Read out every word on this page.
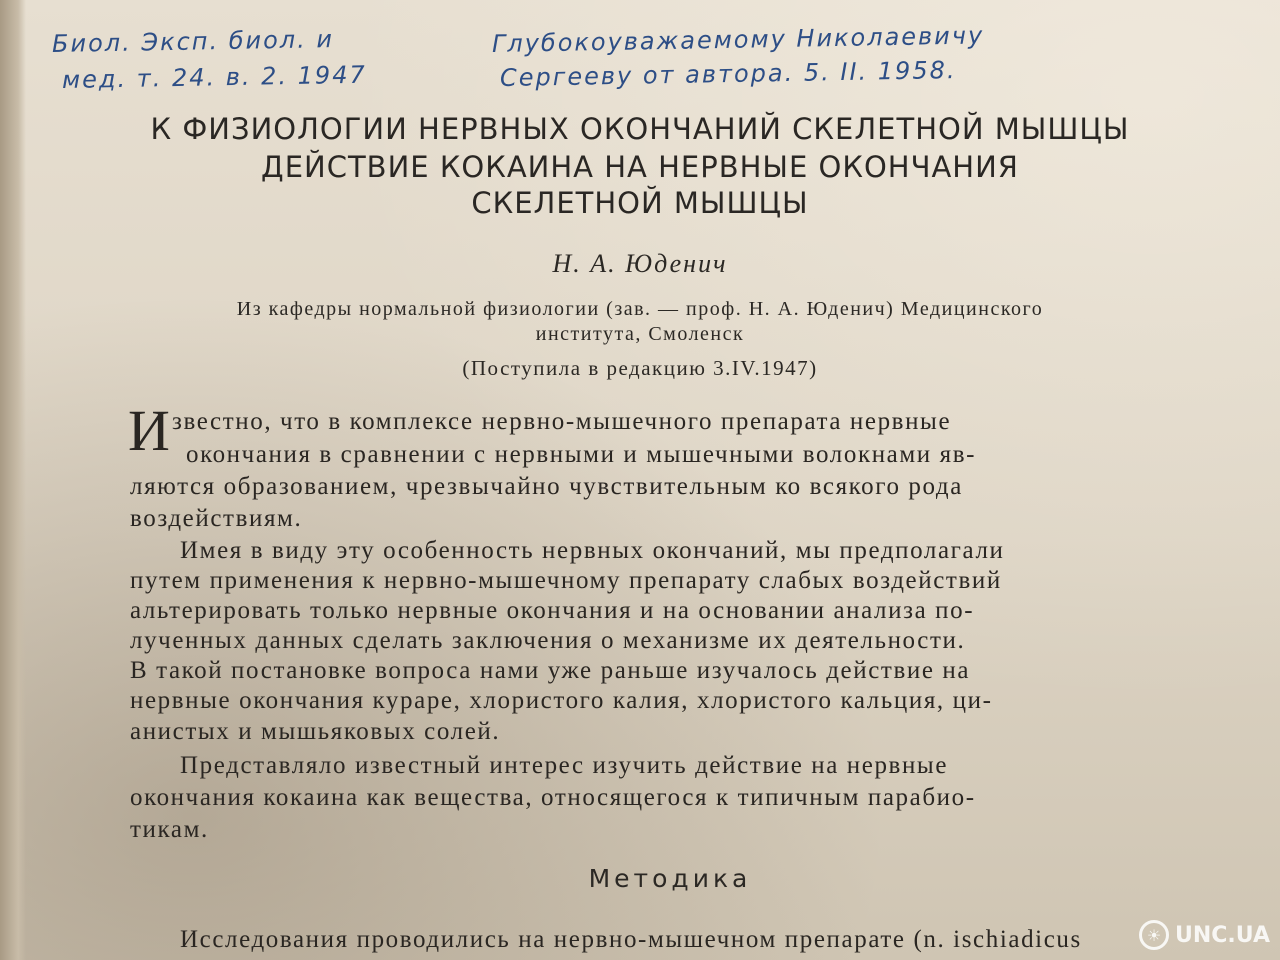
Биол. Эксп. биол. и
мед. т. 24. в. 2. 1947
Глубокоуважаемому Николаевичу
Сергееву от автора. 5. II. 1958.
К ФИЗИОЛОГИИ НЕРВНЫХ ОКОНЧАНИЙ СКЕЛЕТНОЙ МЫШЦЫ
ДЕЙСТВИЕ КОКАИНА НА НЕРВНЫЕ ОКОНЧАНИЯ
СКЕЛЕТНОЙ МЫШЦЫ
Н. А. Юденич
Из кафедры нормальной физиологии (зав. — проф. Н. А. Юденич) Медицинского
института, Смоленск
(Поступила в редакцию 3.IV.1947)
И звестно, что в комплексе нервно-мышечного препарата нервные
окончания в сравнении с нервными и мышечными волокнами яв-
ляются образованием, чрезвычайно чувствительным ко всякого рода
воздействиям.
Имея в виду эту особенность нервных окончаний, мы предполагали
путем применения к нервно-мышечному препарату слабых воздействий
альтерировать только нервные окончания и на основании анализа по-
лученных данных сделать заключения о механизме их деятельности.
В такой постановке вопроса нами уже раньше изучалось действие на
нервные окончания кураре, хлористого калия, хлористого кальция, ци-
анистых и мышьяковых солей.
Представляло известный интерес изучить действие на нервные
окончания кокаина как вещества, относящегося к типичным парабио-
тикам.
Методика
Исследования проводились на нервно-мышечном препарате (n. ischiadicus	☀ UNC.UA
